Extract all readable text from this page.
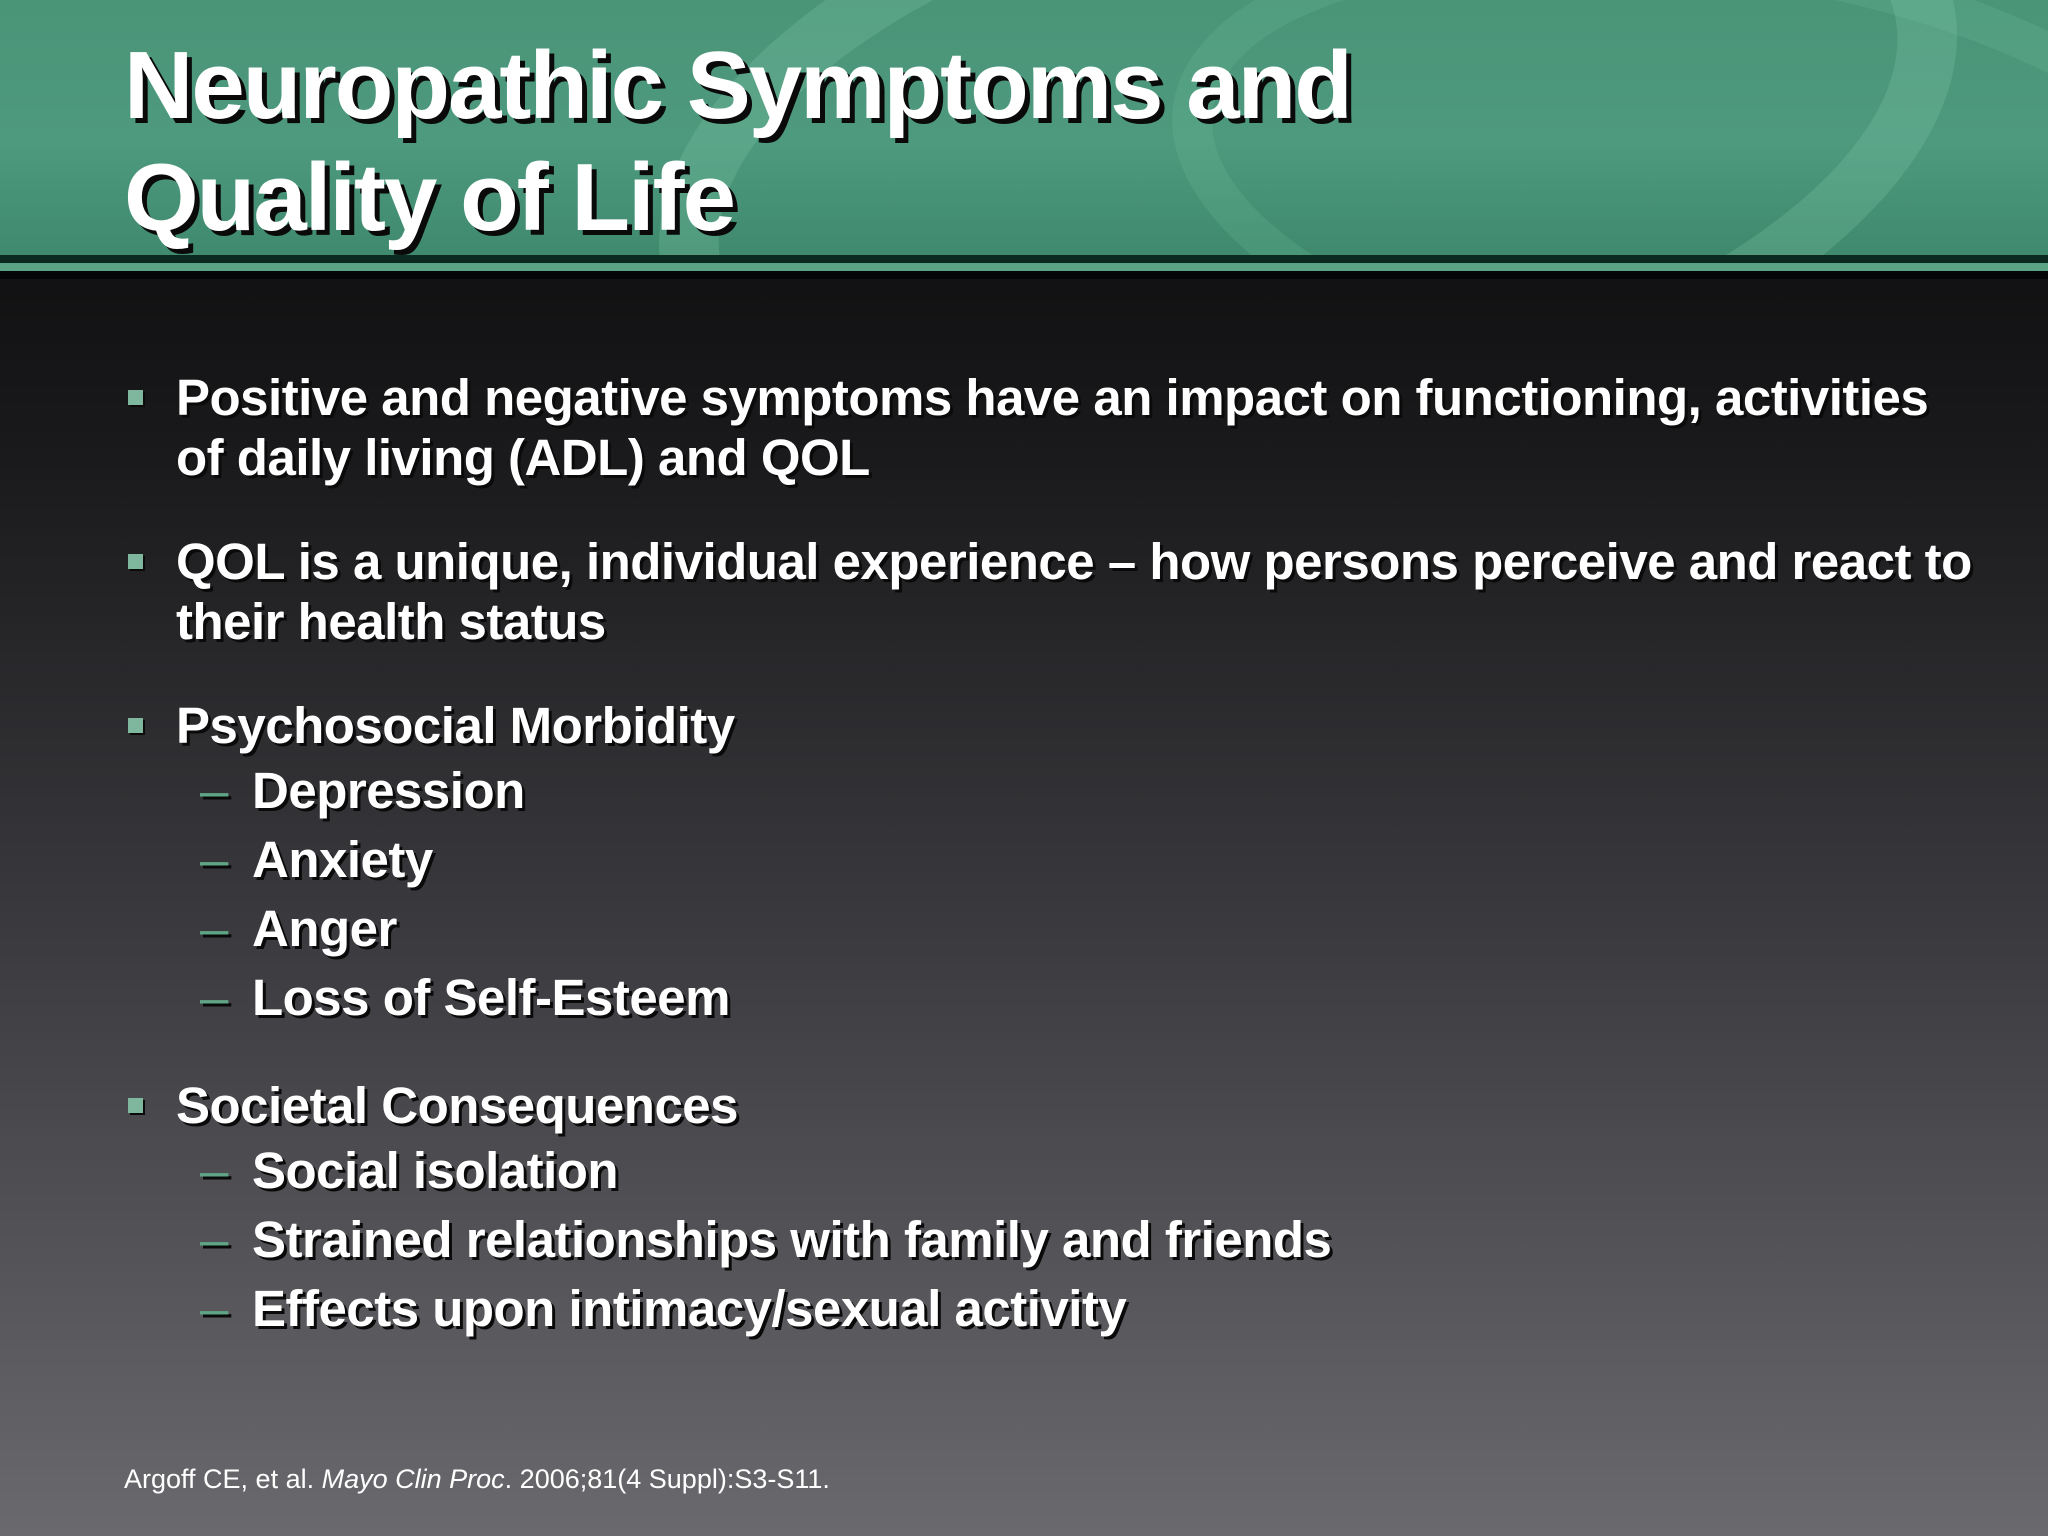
Neuropathic Symptoms and
Quality of Life
Positive and negative symptoms have an impact on functioning, activities of daily living (ADL) and QOL
QOL is a unique, individual experience – how persons perceive and react to their health status
Psychosocial Morbidity
– Depression
– Anxiety
– Anger
– Loss of Self-Esteem
Societal Consequences
– Social isolation
– Strained relationships with family and friends
– Effects upon intimacy/sexual activity
Argoff CE, et al. Mayo Clin Proc. 2006;81(4 Suppl):S3-S11.
